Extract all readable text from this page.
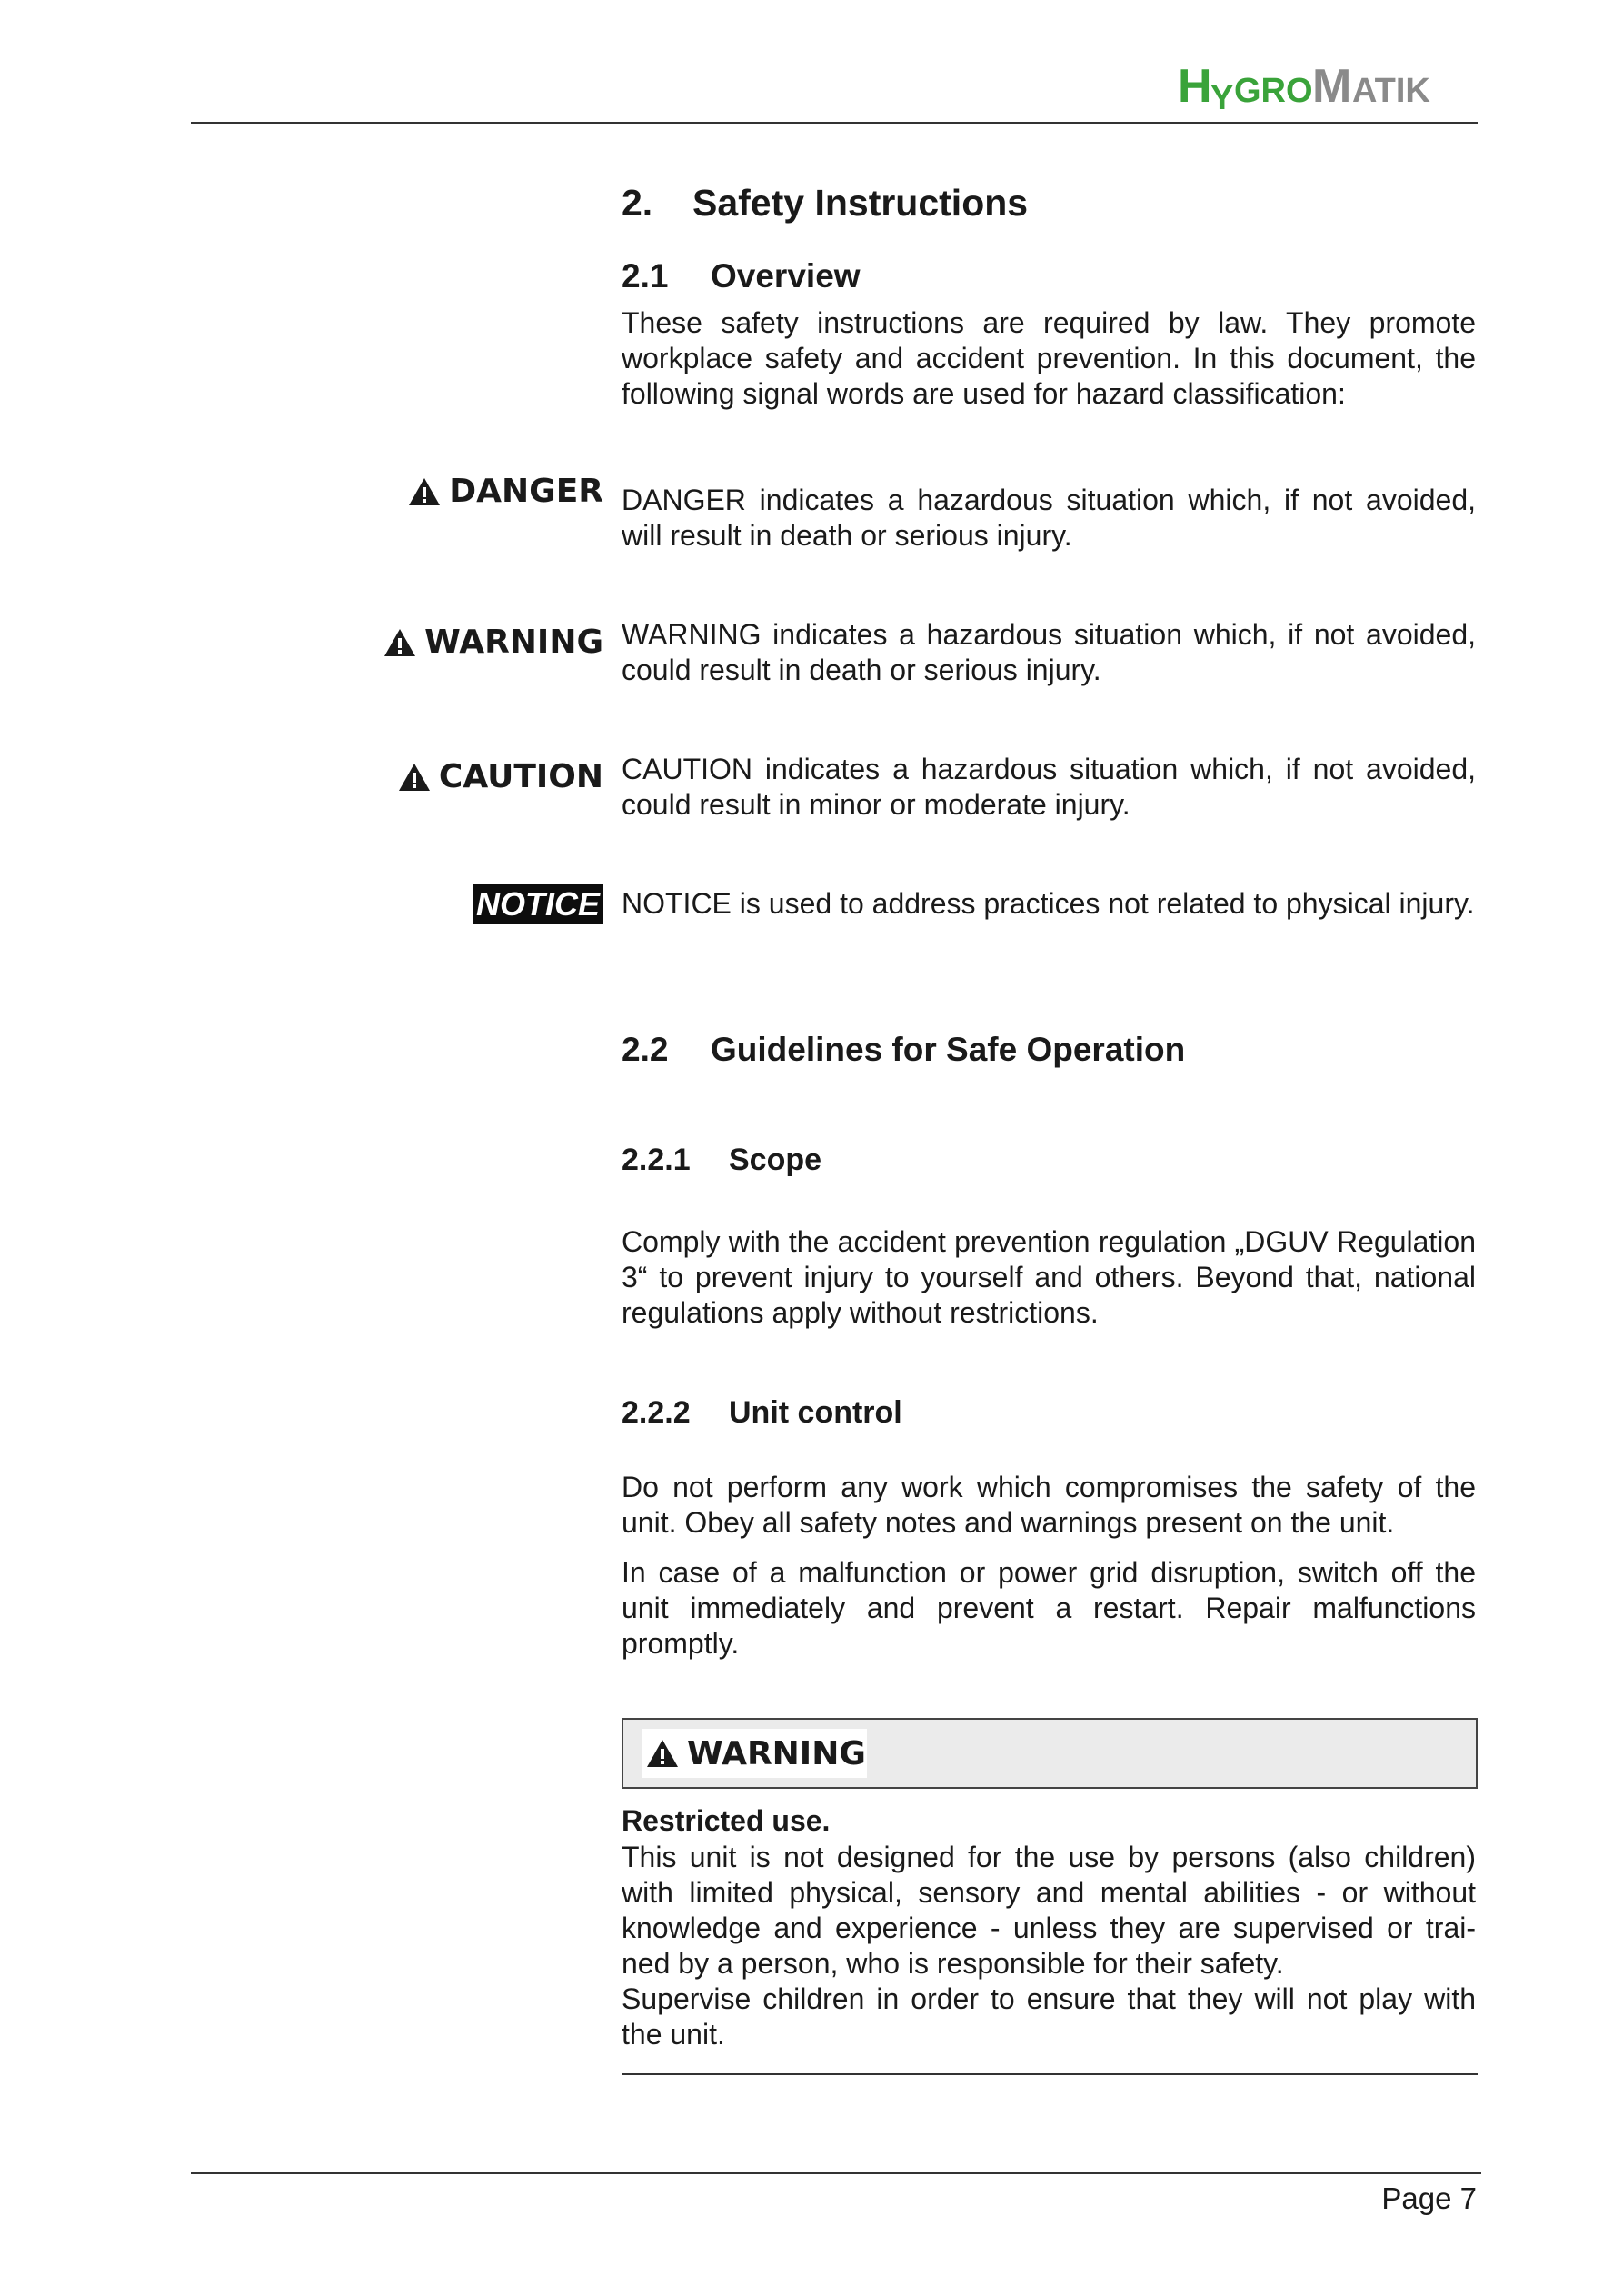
H
Y GRO M ATIK
2. Safety Instructions
2.1 Overview
These safety instructions are required by law. They promote workplace safety and accident prevention. In this document, the following signal words are used for hazard classification:
DANGER DANGER indicates a hazardous situation which, if not avoided, will result in death or serious injury.
WARNING WARNING indicates a hazardous situation which, if not avoided, could result in death or serious injury.
CAUTION CAUTION indicates a hazardous situation which, if not avoided, could result in minor or moderate injury.
NOTICE NOTICE is used to address practices not related to physical injury.
2.2 Guidelines for Safe Operation
2.2.1 Scope
Comply with the accident prevention regulation „DGUV Regulation 3“ to prevent injury to yourself and others. Beyond that, national regulations apply without restrictions.
2.2.2 Unit control
Do not perform any work which compromises the safety of the unit. Obey all safety notes and warnings present on the unit.
In case of a malfunction or power grid disruption, switch off the unit immediately and prevent a restart. Repair malfunctions promptly.
WARNING
Restricted use.
This unit is not designed for the use by persons (also children) with limited physical, sensory and mental abilities - or without knowledge and experience - unless they are supervised or trai-ned by a person, who is responsible for their safety.
Supervise children in order to ensure that they will not play with the unit.
Page 7
